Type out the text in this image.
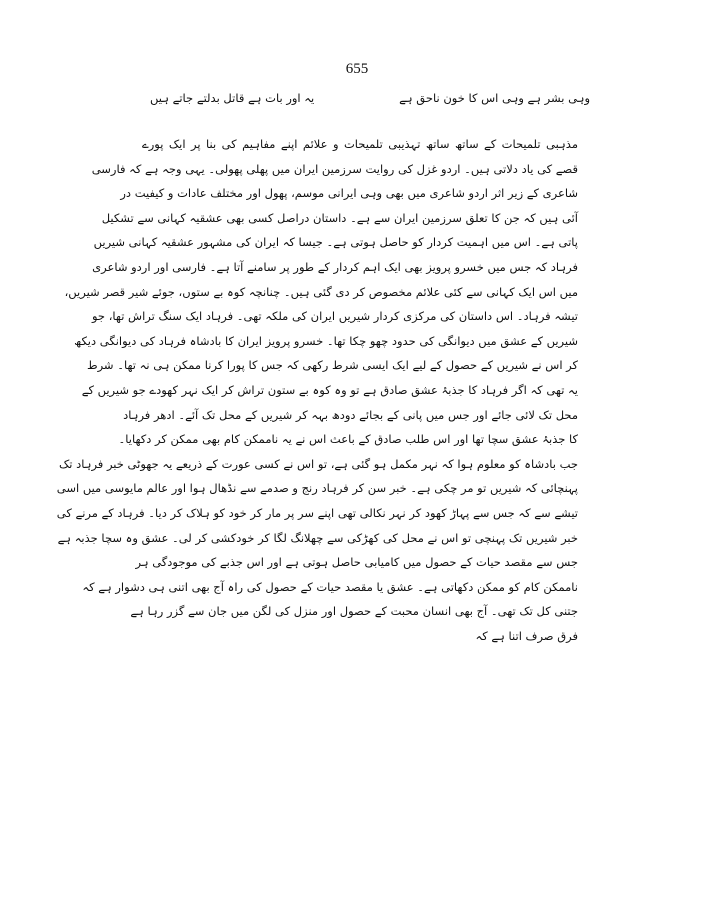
655
وہی بشر ہے وہی اس کا خون ناحق ہے
یہ اور بات ہے قاتل بدلتے جاتے ہیں
مذہبی تلمیحات کے ساتھ ساتھ تہذیبی تلمیحات و علائم اپنے مفاہیم کی بنا پر ایک پورے
قصے کی یاد دلاتی ہیں۔ اردو غزل کی روایت سرزمین ایران میں پھلی پھولی۔ یہی وجہ ہے کہ فارسی
شاعری کے زیر اثر اردو شاعری میں بھی وہی ایرانی موسم، پھول اور مختلف عادات و کیفیت در
آئی ہیں کہ جن کا تعلق سرزمین ایران سے ہے۔ داستان دراصل کسی بھی عشقیہ کہانی سے تشکیل
پاتی ہے۔ اس میں اہمیت کردار کو حاصل ہوتی ہے۔ جیسا کہ ایران کی مشہور عشقیہ کہانی شیریں
فرہاد کہ جس میں خسرو پرویز بھی ایک اہم کردار کے طور پر سامنے آتا ہے۔ فارسی اور اردو شاعری
میں اس ایک کہانی سے کئی علائم مخصوص کر دی گئی ہیں۔ چنانچہ کوہ بے ستوں، جوئے شیر قصر شیریں،
تیشہ فرہاد۔ اس داستان کی مرکزی کردار شیریں ایران کی ملکہ تھی۔ فرہاد ایک سنگ تراش تھا، جو
شیریں کے عشق میں دیوانگی کی حدود چھو چکا تھا۔ خسرو پرویز ایران کا بادشاہ فرہاد کی دیوانگی دیکھ
کر اس نے شیریں کے حصول کے لیے ایک ایسی شرط رکھی کہ جس کا پورا کرنا ممکن ہی نہ تھا۔ شرط
یہ تھی کہ اگر فرہاد کا جذبۂ عشق صادق ہے تو وہ کوہ بے ستون تراش کر ایک نہر کھودے جو شیریں کے
محل تک لائی جائے اور جس میں پانی کے بجائے دودھ بہہ کر شیریں کے محل تک آئے۔ ادھر فرہاد
کا جذبۂ عشق سچا تھا اور اس طلب صادق کے باعث اس نے یہ ناممکن کام بھی ممکن کر دکھایا۔
جب بادشاہ کو معلوم ہوا کہ نہر مکمل ہو گئی ہے، تو اس نے کسی عورت کے ذریعے یہ جھوٹی خبر فرہاد تک
پہنچائی کہ شیریں تو مر چکی ہے۔ خبر سن کر فرہاد رنج و صدمے سے نڈھال ہوا اور عالم مایوسی میں اسی
تیشے سے کہ جس سے پہاڑ کھود کر نہر نکالی تھی اپنے سر پر مار کر خود کو ہلاک کر دیا۔ فرہاد کے مرنے کی
خبر شیریں تک پہنچی تو اس نے محل کی کھڑکی سے چھلانگ لگا کر خودکشی کر لی۔ عشق وہ سچا جذبہ ہے
جس سے مقصد حیات کے حصول میں کامیابی حاصل ہوتی ہے اور اس جذبے کی موجودگی ہر
ناممکن کام کو ممکن دکھاتی ہے۔ عشق یا مقصد حیات کے حصول کی راہ آج بھی اتنی ہی دشوار ہے کہ
جتنی کل تک تھی۔ آج بھی انسان محبت کے حصول اور منزل کی لگن میں جان سے گزر رہا ہے
فرق صرف اتنا ہے کہ
